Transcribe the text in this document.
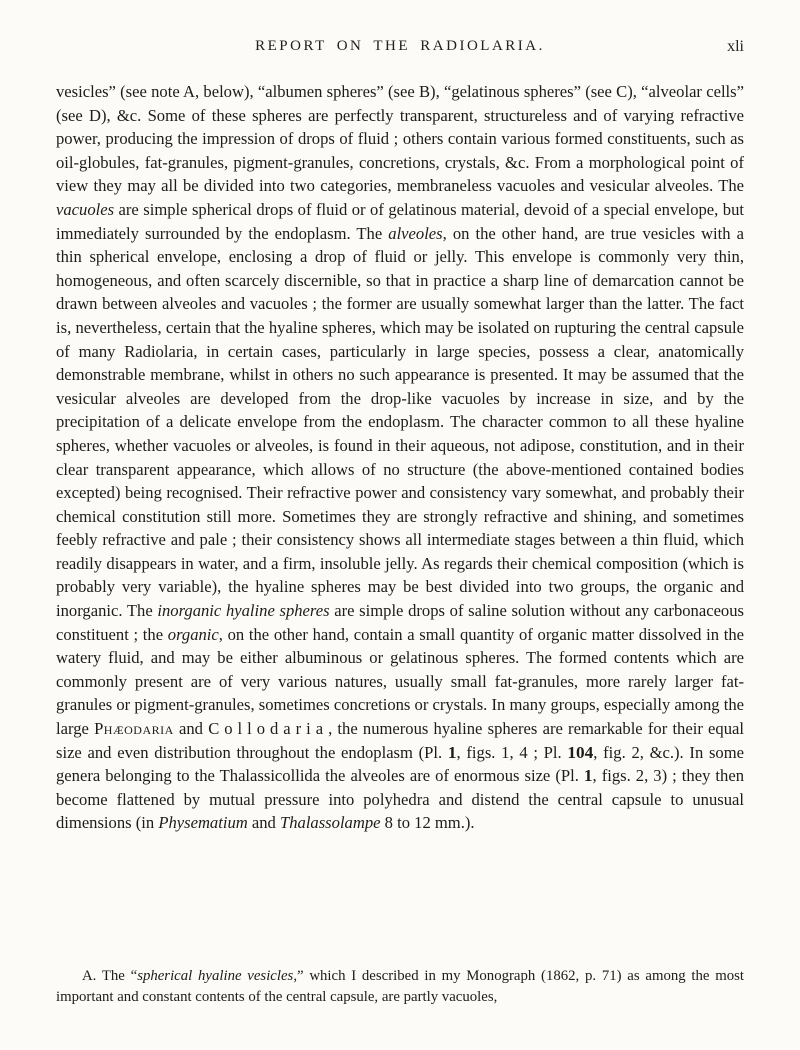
REPORT ON THE RADIOLARIA.	xli
vesicles” (see note A, below), “albumen spheres” (see B), “gelatinous spheres” (see C), “alveolar cells” (see D), &c. Some of these spheres are perfectly transparent, structureless and of varying refractive power, producing the impression of drops of fluid ; others contain various formed constituents, such as oil-globules, fat-granules, pigment-granules, concretions, crystals, &c. From a morphological point of view they may all be divided into two categories, membraneless vacuoles and vesicular alveoles. The vacuoles are simple spherical drops of fluid or of gelatinous material, devoid of a special envelope, but immediately surrounded by the endoplasm. The alveoles, on the other hand, are true vesicles with a thin spherical envelope, enclosing a drop of fluid or jelly. This envelope is commonly very thin, homogeneous, and often scarcely discernible, so that in practice a sharp line of demarcation cannot be drawn between alveoles and vacuoles ; the former are usually somewhat larger than the latter. The fact is, nevertheless, certain that the hyaline spheres, which may be isolated on rupturing the central capsule of many Radiolaria, in certain cases, particularly in large species, possess a clear, anatomically demonstrable membrane, whilst in others no such appearance is presented. It may be assumed that the vesicular alveoles are developed from the drop-like vacuoles by increase in size, and by the precipitation of a delicate envelope from the endoplasm. The character common to all these hyaline spheres, whether vacuoles or alveoles, is found in their aqueous, not adipose, constitution, and in their clear transparent appearance, which allows of no structure (the above-mentioned contained bodies excepted) being recognised. Their refractive power and consistency vary somewhat, and probably their chemical constitution still more. Sometimes they are strongly refractive and shining, and sometimes feebly refractive and pale ; their consistency shows all intermediate stages between a thin fluid, which readily disappears in water, and a firm, insoluble jelly. As regards their chemical composition (which is probably very variable), the hyaline spheres may be best divided into two groups, the organic and inorganic. The inorganic hyaline spheres are simple drops of saline solution without any carbonaceous constituent ; the organic, on the other hand, contain a small quantity of organic matter dissolved in the watery fluid, and may be either albuminous or gelatinous spheres. The formed contents which are commonly present are of very various natures, usually small fat-granules, more rarely larger fat-granules or pigment-granules, sometimes concretions or crystals. In many groups, especially among the large Phæodaria and Collodaria, the numerous hyaline spheres are remarkable for their equal size and even distribution throughout the endoplasm (Pl. 1, figs. 1, 4 ; Pl. 104, fig. 2, &c.). In some genera belonging to the Thalassicollida the alveoles are of enormous size (Pl. 1, figs. 2, 3) ; they then become flattened by mutual pressure into polyhedra and distend the central capsule to unusual dimensions (in Physematium and Thalassolampe 8 to 12 mm.).
A. The “spherical hyaline vesicles,” which I described in my Monograph (1862, p. 71) as among the most important and constant contents of the central capsule, are partly vacuoles,
